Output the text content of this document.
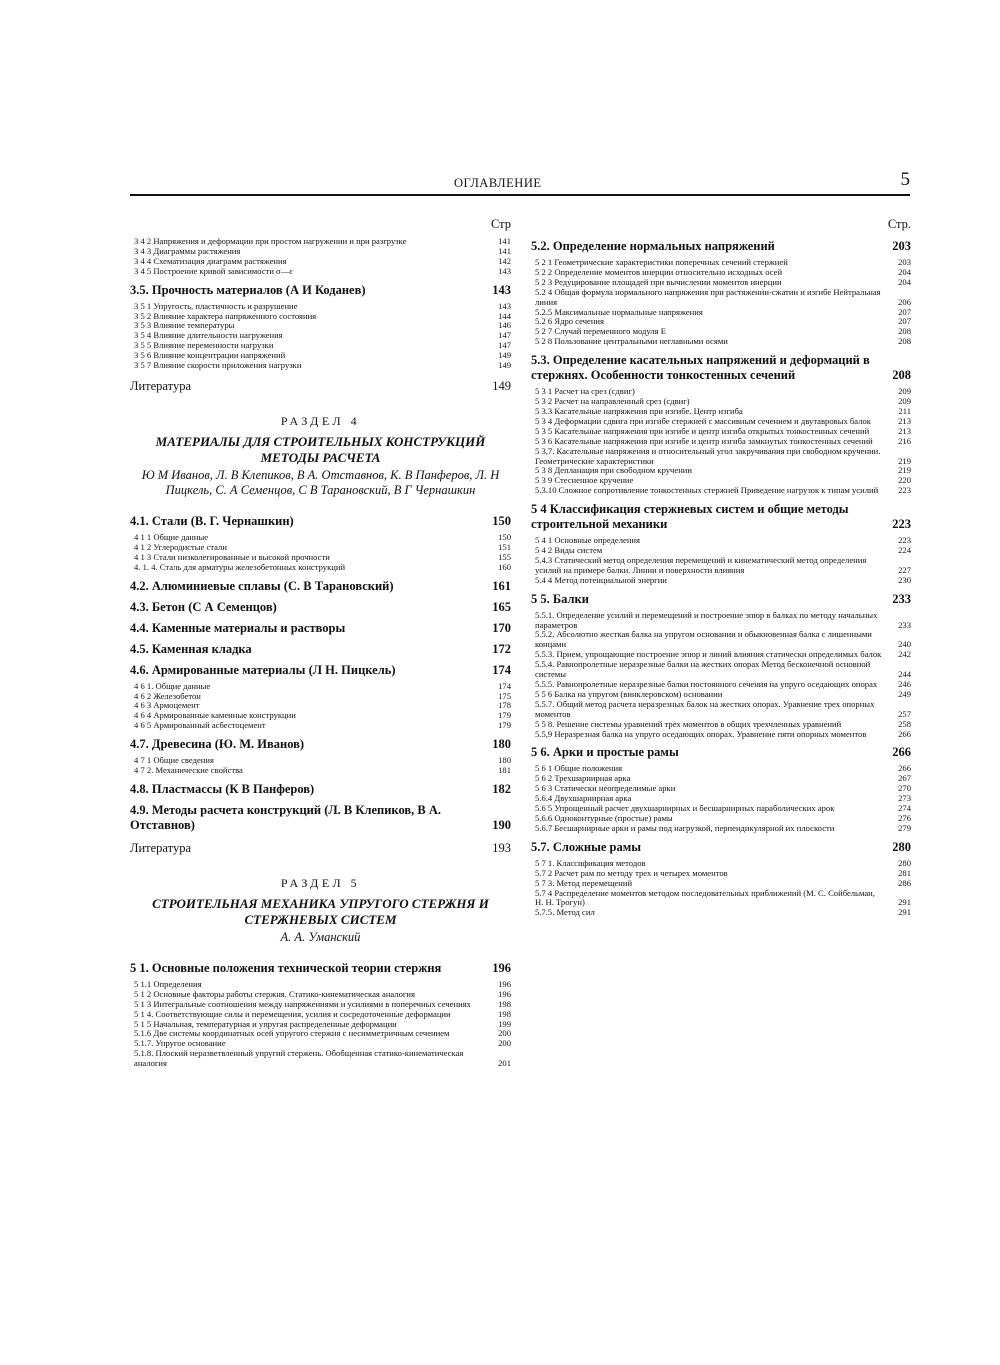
ОГЛАВЛЕНИЕ	5
Стр
3 4 2 Напряжения и деформации при простом нагружении и при разгрузке	141
3 4 3 Диаграммы растяжения	141
3 4 4 Схематизация диаграмм растяжения	142
3 4 5 Построение кривой зависимости σ—ε	143
3.5. Прочность материалов (А И Коданев)	143
3 5 1 Упругость, пластичность и разрушение	143
3 5 2 Влияние характера напряженного состояния	144
3 5 3 Влияние температуры	146
3 5 4 Влияние длительности нагружения	147
3 5 5 Влияние переменности нагрузки	147
3 5 6 Влияние концентрации напряжений	149
3 5 7 Влияние скорости приложения нагрузки	149
Литература	149
РАЗДЕЛ 4
МАТЕРИАЛЫ ДЛЯ СТРОИТЕЛЬНЫХ КОНСТРУКЦИЙ МЕТОДЫ РАСЧЕТА
Ю М Иванов, Л. В Клепиков, В А. Отставнов, К. В Панферов, Л. Н Пицкель, С. А Семенцов, С В Тарановский, В Г Чернашкин
4.1. Стали (В. Г. Чернашкин)	150
4 1 1 Общие данные	150
4 1 2 Углеродистые стали	151
4 1 3 Стали низколегированные и высокой прочности	155
4. 1. 4. Сталь для арматуры железобетонных конструкций	160
4.2. Алюминиевые сплавы (С. В Тарановский)	161
4.3. Бетон (С А Семенцов)	165
4.4. Каменные материалы и растворы	170
4.5. Каменная кладка	172
4.6. Армированные материалы (Л Н. Пицкель)	174
4 6 1. Общие данные	174
4 6 2 Железобетон	175
4 6 3 Армоцемент	178
4 6 4 Армированные каменные конструкции	179
4 6 5 Армированный асбестоцемент	179
4.7. Древесина (Ю. М. Иванов)	180
4 7 1 Общие сведения	180
4 7 2. Механические свойства	181
4.8. Пластмассы (К В Панферов)	182
4.9. Методы расчета конструкций (Л. В Клепиков, В А. Отставнов)	190
Литература	193
РАЗДЕЛ 5
СТРОИТЕЛЬНАЯ МЕХАНИКА УПРУГОГО СТЕРЖНЯ И СТЕРЖНЕВЫХ СИСТЕМ
А. А. Уманский
5 1. Основные положения технической теории стержня	196
5 1.1 Определения	196
5 1 2 Основные факторы работы стержня. Статико-кинематическая аналогия	196
5 1 3 Интегральные соотношения между напряжениями и усилиями в поперечных сечениях	198
5 1 4. Соответствующие силы и перемещения, усилия и сосредоточенные деформации	198
5 1 5 Начальная, температурная и упругая распределенные деформации	199
5.1.6 Две системы координатных осей упругого стержня с несимметричным сечением	200
5.1.7. Упругое основание	200
5.1.8. Плоский неразветвленный упругий стержень. Обобщенная статико-кинематическая аналогия	201
Стр.
5.2. Определение нормальных напряжений	203
5 2 1 Геометрические характеристики поперечных сечений стержней	203
5 2 2 Определение моментов инерции относительно исходных осей	204
5 2 3 Редуцирование площадей при вычислении моментов инерции	204
5.2 4 Общая формула нормального напряжения при растяжении-сжатии и изгибе Нейтральная линия	206
5.2.5 Максимальные нормальные напряжения	207
5.2 6 Ядро сечения	207
5 2 7 Случай переменного модуля E	208
5 2 8 Пользование центральными неглавными осями	208
5.3. Определение касательных напряжений и деформаций в стержнях. Особенности тонкостенных сечений	208
5 3 1 Расчет на срез (сдвиг)	209
5 3 2 Расчет на направленный срез (сдвиг)	209
5 3.3 Касательные напряжения при изгибе. Центр изгиба	211
5 3 4 Деформации сдвига при изгибе стержней с массивным сечением и двутавровых балок	213
5 3 5 Касательные напряжения при изгибе и центр изгиба открытых тонкостенных сечений	213
5 3 6 Касательные напряжения при изгибе и центр изгиба замкнутых тонкостенных сечений	216
5 3,7. Касательные напряжения и относительный угол закручивания при свободном кручении. Геометрические характеристики	219
5 3 8 Депланация при свободном кручении	219
5 3 9 Стесненное кручение	220
5.3.10 Сложное сопротивление тонкостенных стержней Приведение нагрузок к типам усилий	223
5 4 Классификация стержневых систем и общие методы строительной механики	223
5 4 1 Основные определения	223
5 4 2 Виды систем	224
5.4.3 Статический метод определения перемещений и кинематический метод определения усилий на примере балки. Линии и поверхности влияния	227
5.4 4 Метод потенциальной энергии	230
5 5. Балки	233
5.5.1. Определение усилий и перемещений и построение эпюр в балках по методу начальных параметров	233
5.5.2. Абсолютно жесткая балка на упругом основании и обыкновенная балка с лишенными концами	240
5.5.3. Прием, упрощающие построение эпюр и линий влияния статически определимых балок	242
5.5.4. Равнопролетные неразрезные балки на жестких опорах Метод бесконечной основной системы	244
5.5.5. Равнопролетные неразрезные балки постоянного сечения на упруго оседающих опорах	246
5 5 6 Балка на упругом (винклеровском) основании	249
5.5.7. Общий метод расчета неразрезных балок на жестких опорах. Уравнение трех опорных моментов	257
5 5 8. Решение системы уравнений трех моментов в общих трехчленных уравнений	258
5.5,9 Неразрезная балка на упруго оседающих опорах. Уравнение пяти опорных моментов	266
5 6. Арки и простые рамы	266
5 6 1 Общие положения	266
5 6 2 Трехшарнирная арка	267
5 6 3 Статически неопределимые арки	270
5.6.4 Двухшарнирная арка	273
5.6 5 Упрощенный расчет двухшарнирных и бесшарнирных параболических арок	274
5.6.6 Одноконтурные (простые) рамы	276
5.6.7 Бесшарнирные арки и рамы под нагрузкой, перпендикулярной их плоскости	279
5.7. Сложные рамы	280
5 7 1. Классификация методов	280
5.7 2 Расчет рам по методу трех и четырех моментов	281
5 7 3. Метод перемещений	286
5.7 4 Распределение моментов методом последовательных приближений (М. С. Сойбельман, Н. Н. Трогун)	291
5.7.5. Метод сил	291
